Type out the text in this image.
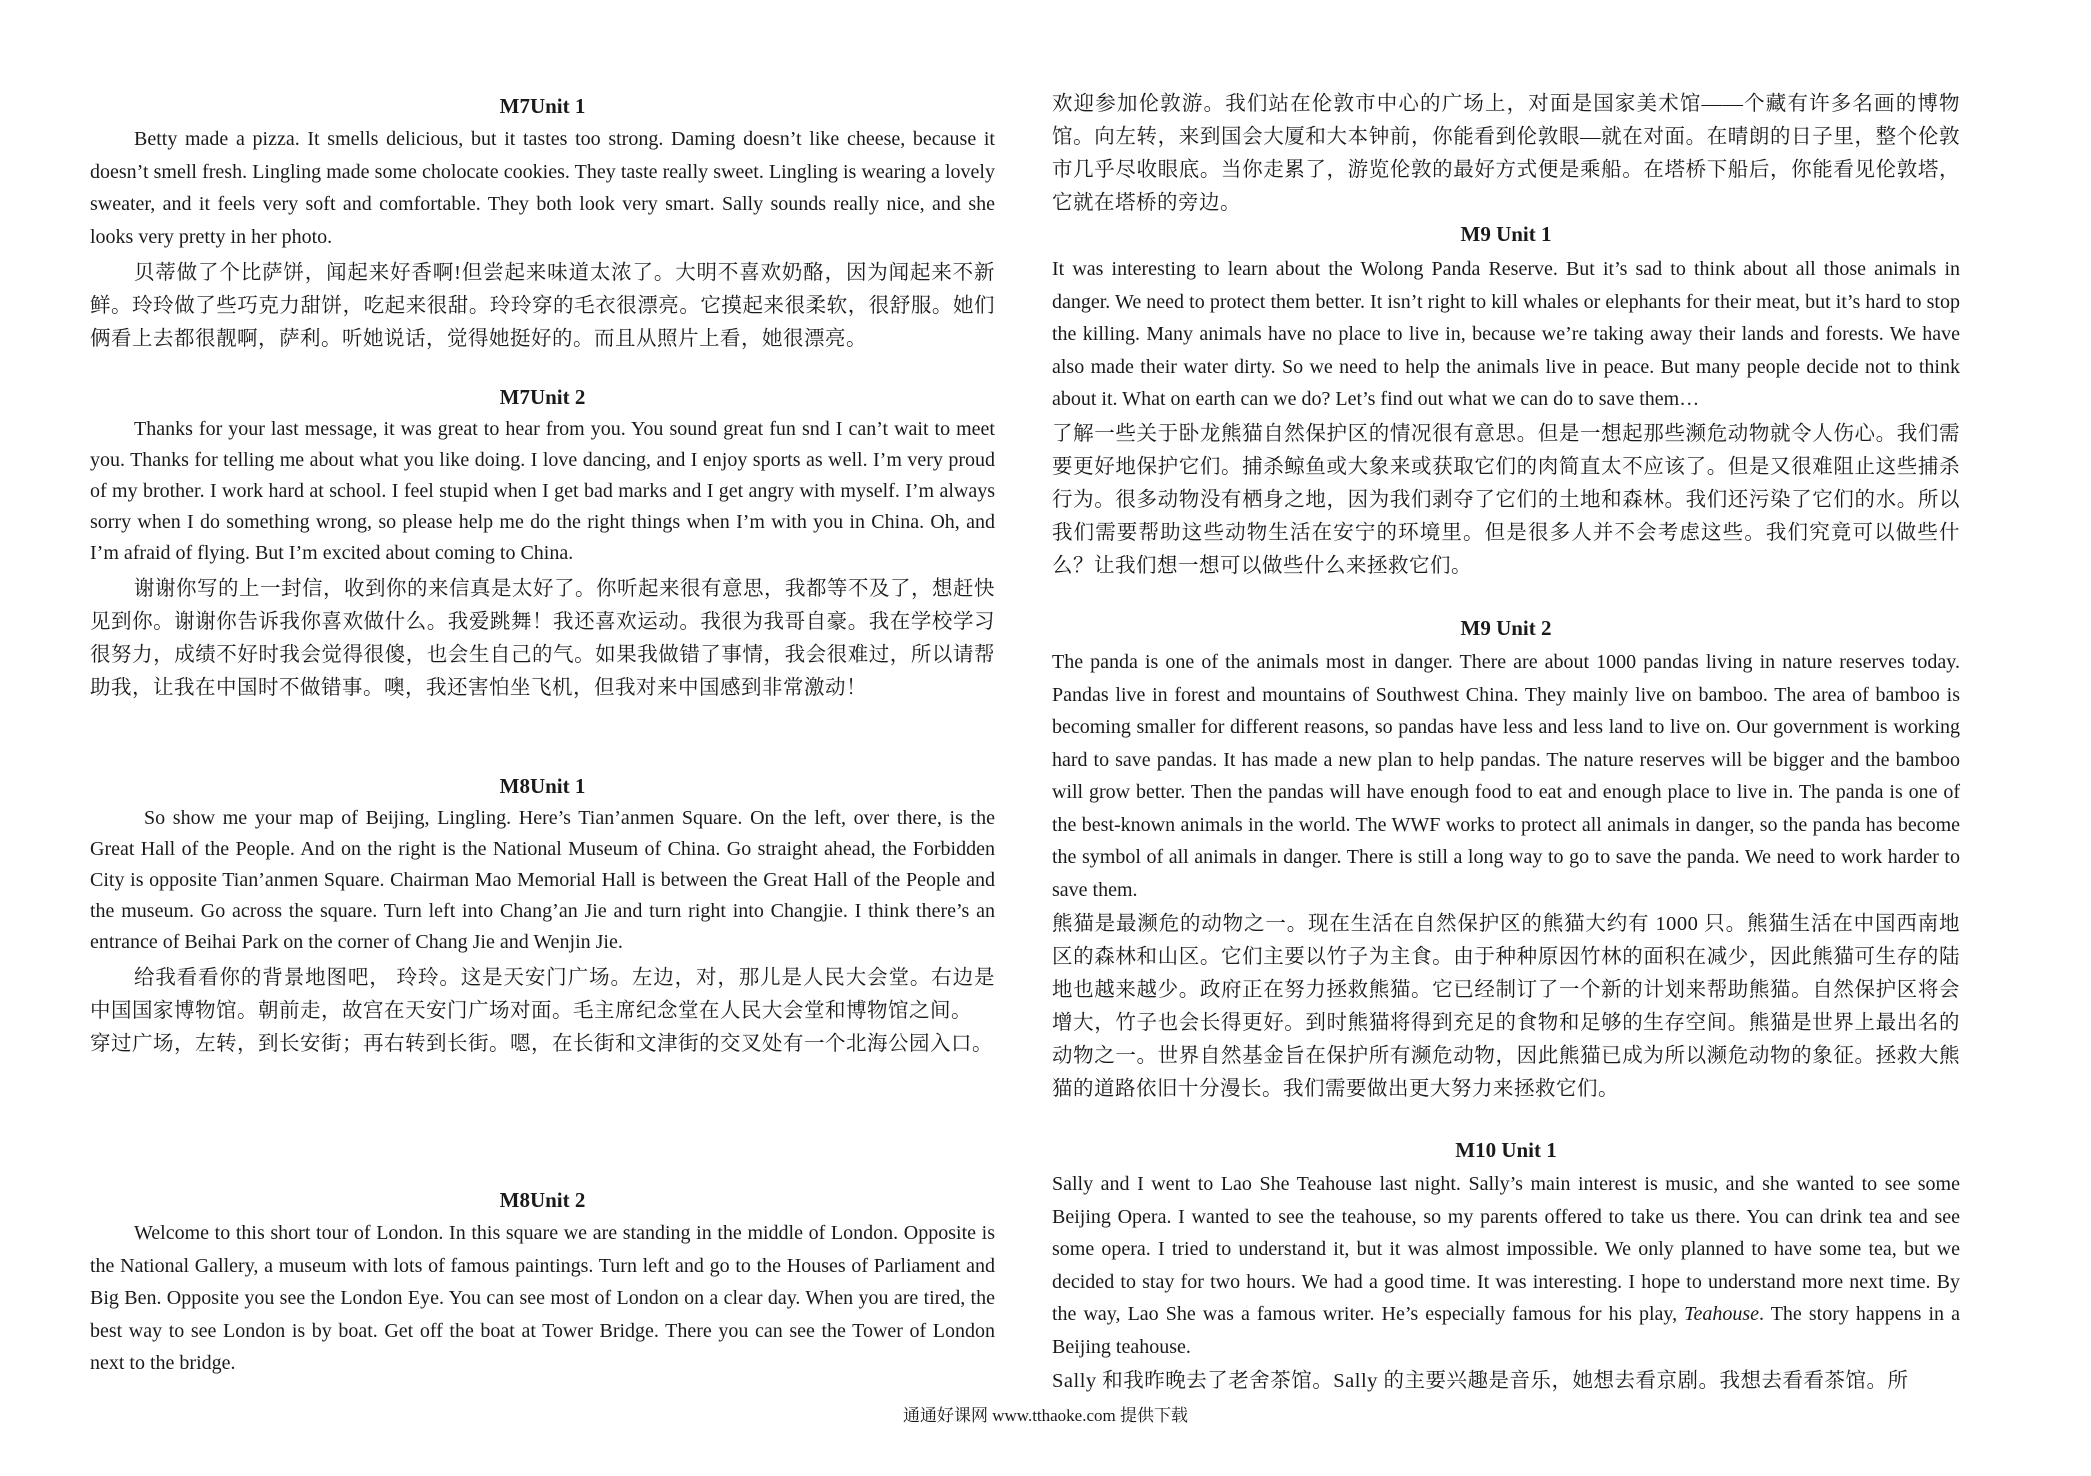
M7Unit 1

Betty made a pizza. It smells delicious, but it tastes too strong. Daming doesn’t like cheese, because it doesn’t smell fresh. Lingling made some cholocate cookies. They taste really sweet. Lingling is wearing a lovely sweater, and it feels very soft and comfortable. They both look very smart. Sally sounds really nice, and she looks very pretty in her photo.

贝蒂做了个比萨饼，闻起来好香啊!但尝起来味道太浓了。大明不喜欢奶酪，因为闻起来不新鲜。玲玲做了些巧克力甜饼，吃起来很甜。玲玲穿的毛衣很漂亮。它摸起来很柔软，很舒服。她们俩看上去都很靓啊，萨利。听她说话，觉得她挺好的。而且从照片上看，她很漂亮。

M7Unit 2

Thanks for your last message, it was great to hear from you. You sound great fun snd I can’t wait to meet you. Thanks for telling me about what you like doing. I love dancing, and I enjoy sports as well. I’m very proud of my brother. I work hard at school. I feel stupid when I get bad marks and I get angry with myself. I’m always sorry when I do something wrong, so please help me do the right things when I’m with you in China. Oh, and I’m afraid of flying. But I’m excited about coming to China.

谢谢你写的上一封信，收到你的来信真是太好了。你听起来很有意思，我都等不及了，想赶快见到你。谢谢你告诉我你喜欢做什么。我爱跳舞！我还喜欢运动。我很为我哥自豪。我在学校学习很努力，成绩不好时我会觉得很傻，也会生自己的气。如果我做错了事情，我会很难过，所以请帮助我，让我在中国时不做错事。噢，我还害怕坐飞机，但我对来中国感到非常激动！

M8Unit 1

So show me your map of Beijing, Lingling. Here’s Tian’anmen Square. On the left, over there, is the Great Hall of the People. And on the right is the National Museum of China. Go straight ahead, the Forbidden City is opposite Tian’anmen Square. Chairman Mao Memorial Hall is between the Great Hall of the People and the museum. Go across the square. Turn left into Chang’an Jie and turn right into Changjie. I think there’s an entrance of Beihai Park on the corner of Chang Jie and Wenjin Jie.

给我看看你的背景地图吧， 玲玲。这是天安门广场。左边，对，那儿是人民大会堂。右边是中国国家博物馆。朝前走，故宫在天安门广场对面。毛主席纪念堂在人民大会堂和博物馆之间。

穿过广场，左转，到长安街；再右转到长街。嗯，在长街和文津街的交叉处有一个北海公园入口。

M8Unit 2

Welcome to this short tour of London. In this square we are standing in the middle of London. Opposite is the National Gallery, a museum with lots of famous paintings. Turn left and go to the Houses of Parliament and Big Ben. Opposite you see the London Eye. You can see most of London on a clear day. When you are tired, the best way to see London is by boat. Get off the boat at Tower Bridge. There you can see the Tower of London next to the bridge.

欢迎参加伦敦游。我们站在伦敦市中心的广场上，对面是国家美术馆——个藏有许多名画的博物馆。向左转，来到国会大厦和大本钟前，你能看到伦敦眼—就在对面。在晴朗的日子里，整个伦敦市几乎尽收眼底。当你走累了，游览伦敦的最好方式便是乘船。在塔桥下船后，你能看见伦敦塔，它就在塔桥的旁边。

M9 Unit 1

It was interesting to learn about the Wolong Panda Reserve. But it’s sad to think about all those animals in danger. We need to protect them better. It isn’t right to kill whales or elephants for their meat, but it’s hard to stop the killing. Many animals have no place to live in, because we’re taking away their lands and forests. We have also made their water dirty. So we need to help the animals live in peace. But many people decide not to think about it. What on earth can we do? Let’s find out what we can do to save them…

了解一些关于卧龙熊猫自然保护区的情况很有意思。但是一想起那些濒危动物就令人伤心。我们需要更好地保护它们。捕杀鲸鱼或大象来或获取它们的肉简直太不应该了。但是又很难阻止这些捕杀行为。很多动物没有栖身之地，因为我们剥夺了它们的土地和森林。我们还污染了它们的水。所以我们需要帮助这些动物生活在安宁的环境里。但是很多人并不会考虑这些。我们究竟可以做些什么？让我们想一想可以做些什么来拯救它们。

M9 Unit 2

The panda is one of the animals most in danger. There are about 1000 pandas living in nature reserves today. Pandas live in forest and mountains of Southwest China. They mainly live on bamboo. The area of bamboo is becoming smaller for different reasons, so pandas have less and less land to live on. Our government is working hard to save pandas. It has made a new plan to help pandas. The nature reserves will be bigger and the bamboo will grow better. Then the pandas will have enough food to eat and enough place to live in. The panda is one of the best-known animals in the world. The WWF works to protect all animals in danger, so the panda has become the symbol of all animals in danger. There is still a long way to go to save the panda. We need to work harder to save them.

熊猫是最濒危的动物之一。现在生活在自然保护区的熊猫大约有 1000 只。熊猫生活在中国西南地区的森林和山区。它们主要以竹子为主食。由于种种原因竹林的面积在减少，因此熊猫可生存的陆地也越来越少。政府正在努力拯救熊猫。它已经制订了一个新的计划来帮助熊猫。自然保护区将会增大，竹子也会长得更好。到时熊猫将得到充足的食物和足够的生存空间。熊猫是世界上最出名的动物之一。世界自然基金旨在保护所有濒危动物，因此熊猫已成为所以濒危动物的象征。拯救大熊猫的道路依旧十分漫长。我们需要做出更大努力来拯救它们。

M10 Unit 1

Sally and I went to Lao She Teahouse last night. Sally’s main interest is music, and she wanted to see some Beijing Opera. I wanted to see the teahouse, so my parents offered to take us there. You can drink tea and see some opera. I tried to understand it, but it was almost impossible. We only planned to have some tea, but we decided to stay for two hours. We had a good time. It was interesting. I hope to understand more next time. By the way, Lao She was a famous writer. He’s especially famous for his play, Teahouse. The story happens in a Beijing teahouse.

Sally 和我昨晚去了老舍茶馆。Sally 的主要兴趣是音乐，她想去看京剧。我想去看看茶馆。所

通通好课网 www.tthaoke.com 提供下载
